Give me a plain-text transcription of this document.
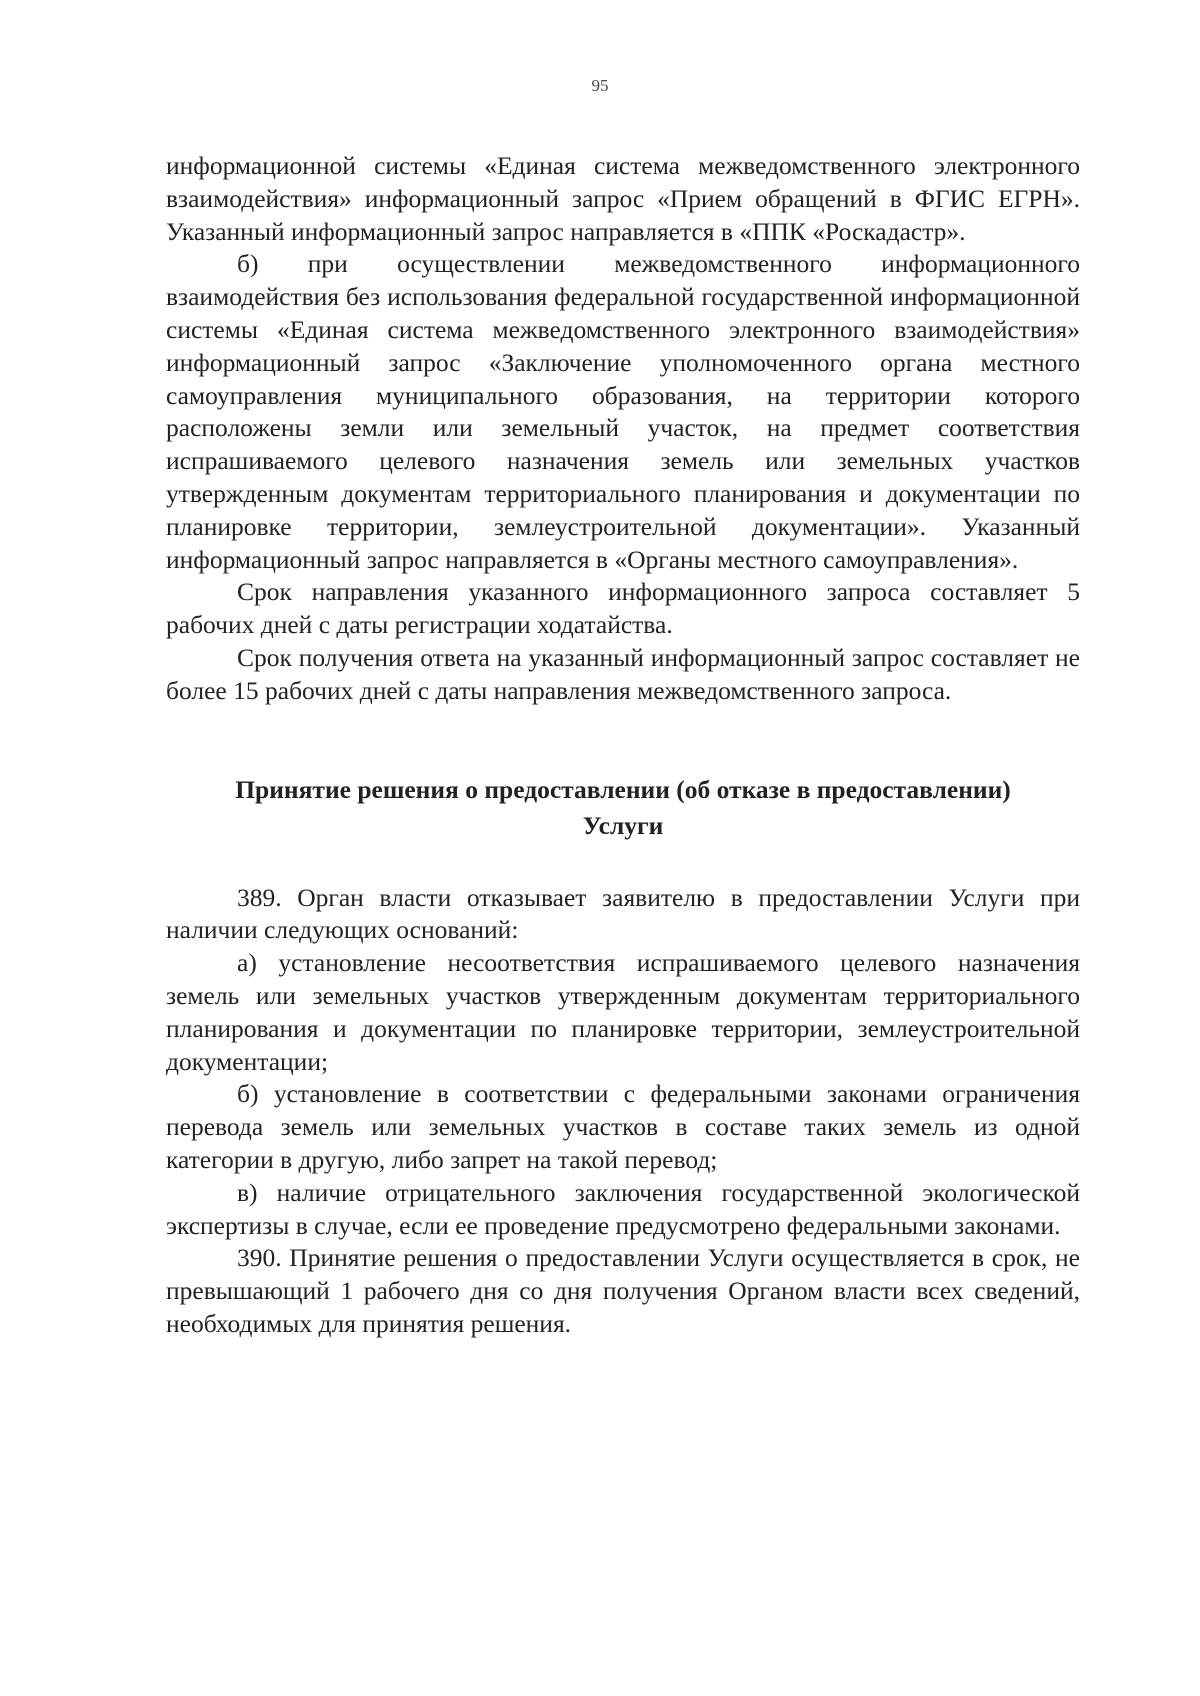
95

информационной системы «Единая система межведомственного электронного взаимодействия» информационный запрос «Прием обращений в ФГИС ЕГРН». Указанный информационный запрос направляется в «ППК «Роскадастр».

б) при осуществлении межведомственного информационного взаимодействия без использования федеральной государственной информационной системы «Единая система межведомственного электронного взаимодействия» информационный запрос «Заключение уполномоченного органа местного самоуправления муниципального образования, на территории которого расположены земли или земельный участок, на предмет соответствия испрашиваемого целевого назначения земель или земельных участков утвержденным документам территориального планирования и документации по планировке территории, землеустроительной документации». Указанный информационный запрос направляется в «Органы местного самоуправления».

Срок направления указанного информационного запроса составляет 5 рабочих дней с даты регистрации ходатайства.

Срок получения ответа на указанный информационный запрос составляет не более 15 рабочих дней с даты направления межведомственного запроса.

Принятие решения о предоставлении (об отказе в предоставлении)
Услуги

389. Орган власти отказывает заявителю в предоставлении Услуги при наличии следующих оснований:

а) установление несоответствия испрашиваемого целевого назначения земель или земельных участков утвержденным документам территориального планирования и документации по планировке территории, землеустроительной документации;

б) установление в соответствии с федеральными законами ограничения перевода земель или земельных участков в составе таких земель из одной категории в другую, либо запрет на такой перевод;

в) наличие отрицательного заключения государственной экологической экспертизы в случае, если ее проведение предусмотрено федеральными законами.

390. Принятие решения о предоставлении Услуги осуществляется в срок, не превышающий 1 рабочего дня со дня получения Органом власти всех сведений, необходимых для принятия решения.
